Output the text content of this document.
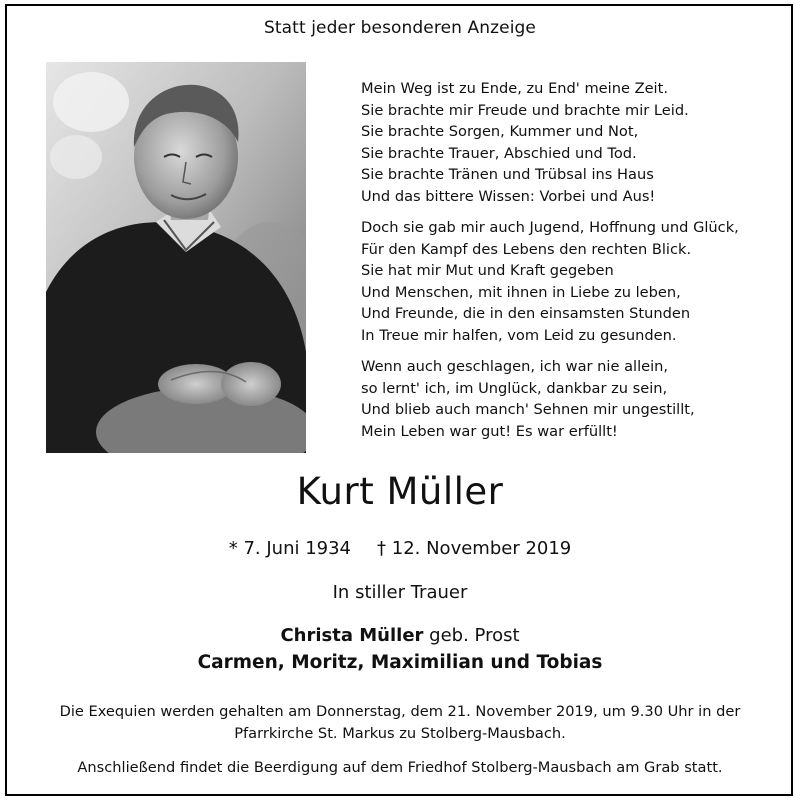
Statt jeder besonderen Anzeige
Mein Weg ist zu Ende, zu End' meine Zeit.
Sie brachte mir Freude und brachte mir Leid.
Sie brachte Sorgen, Kummer und Not,
Sie brachte Trauer, Abschied und Tod.
Sie brachte Tränen und Trübsal ins Haus
Und das bittere Wissen: Vorbei und Aus!
Doch sie gab mir auch Jugend, Hoffnung und Glück,
Für den Kampf des Lebens den rechten Blick.
Sie hat mir Mut und Kraft gegeben
Und Menschen, mit ihnen in Liebe zu leben,
Und Freunde, die in den einsamsten Stunden
In Treue mir halfen, vom Leid zu gesunden.
Wenn auch geschlagen, ich war nie allein,
so lernt' ich, im Unglück, dankbar zu sein,
Und blieb auch manch' Sehnen mir ungestillt,
Mein Leben war gut! Es war erfüllt!
Kurt Müller
* 7. Juni 1934 † 12. November 2019
In stiller Trauer
Christa Müller geb. Prost
Carmen, Moritz, Maximilian und Tobias
Die Exequien werden gehalten am Donnerstag, dem 21. November 2019, um 9.30 Uhr in der
Pfarrkirche St. Markus zu Stolberg-Mausbach.
Anschließend findet die Beerdigung auf dem Friedhof Stolberg-Mausbach am Grab statt.
